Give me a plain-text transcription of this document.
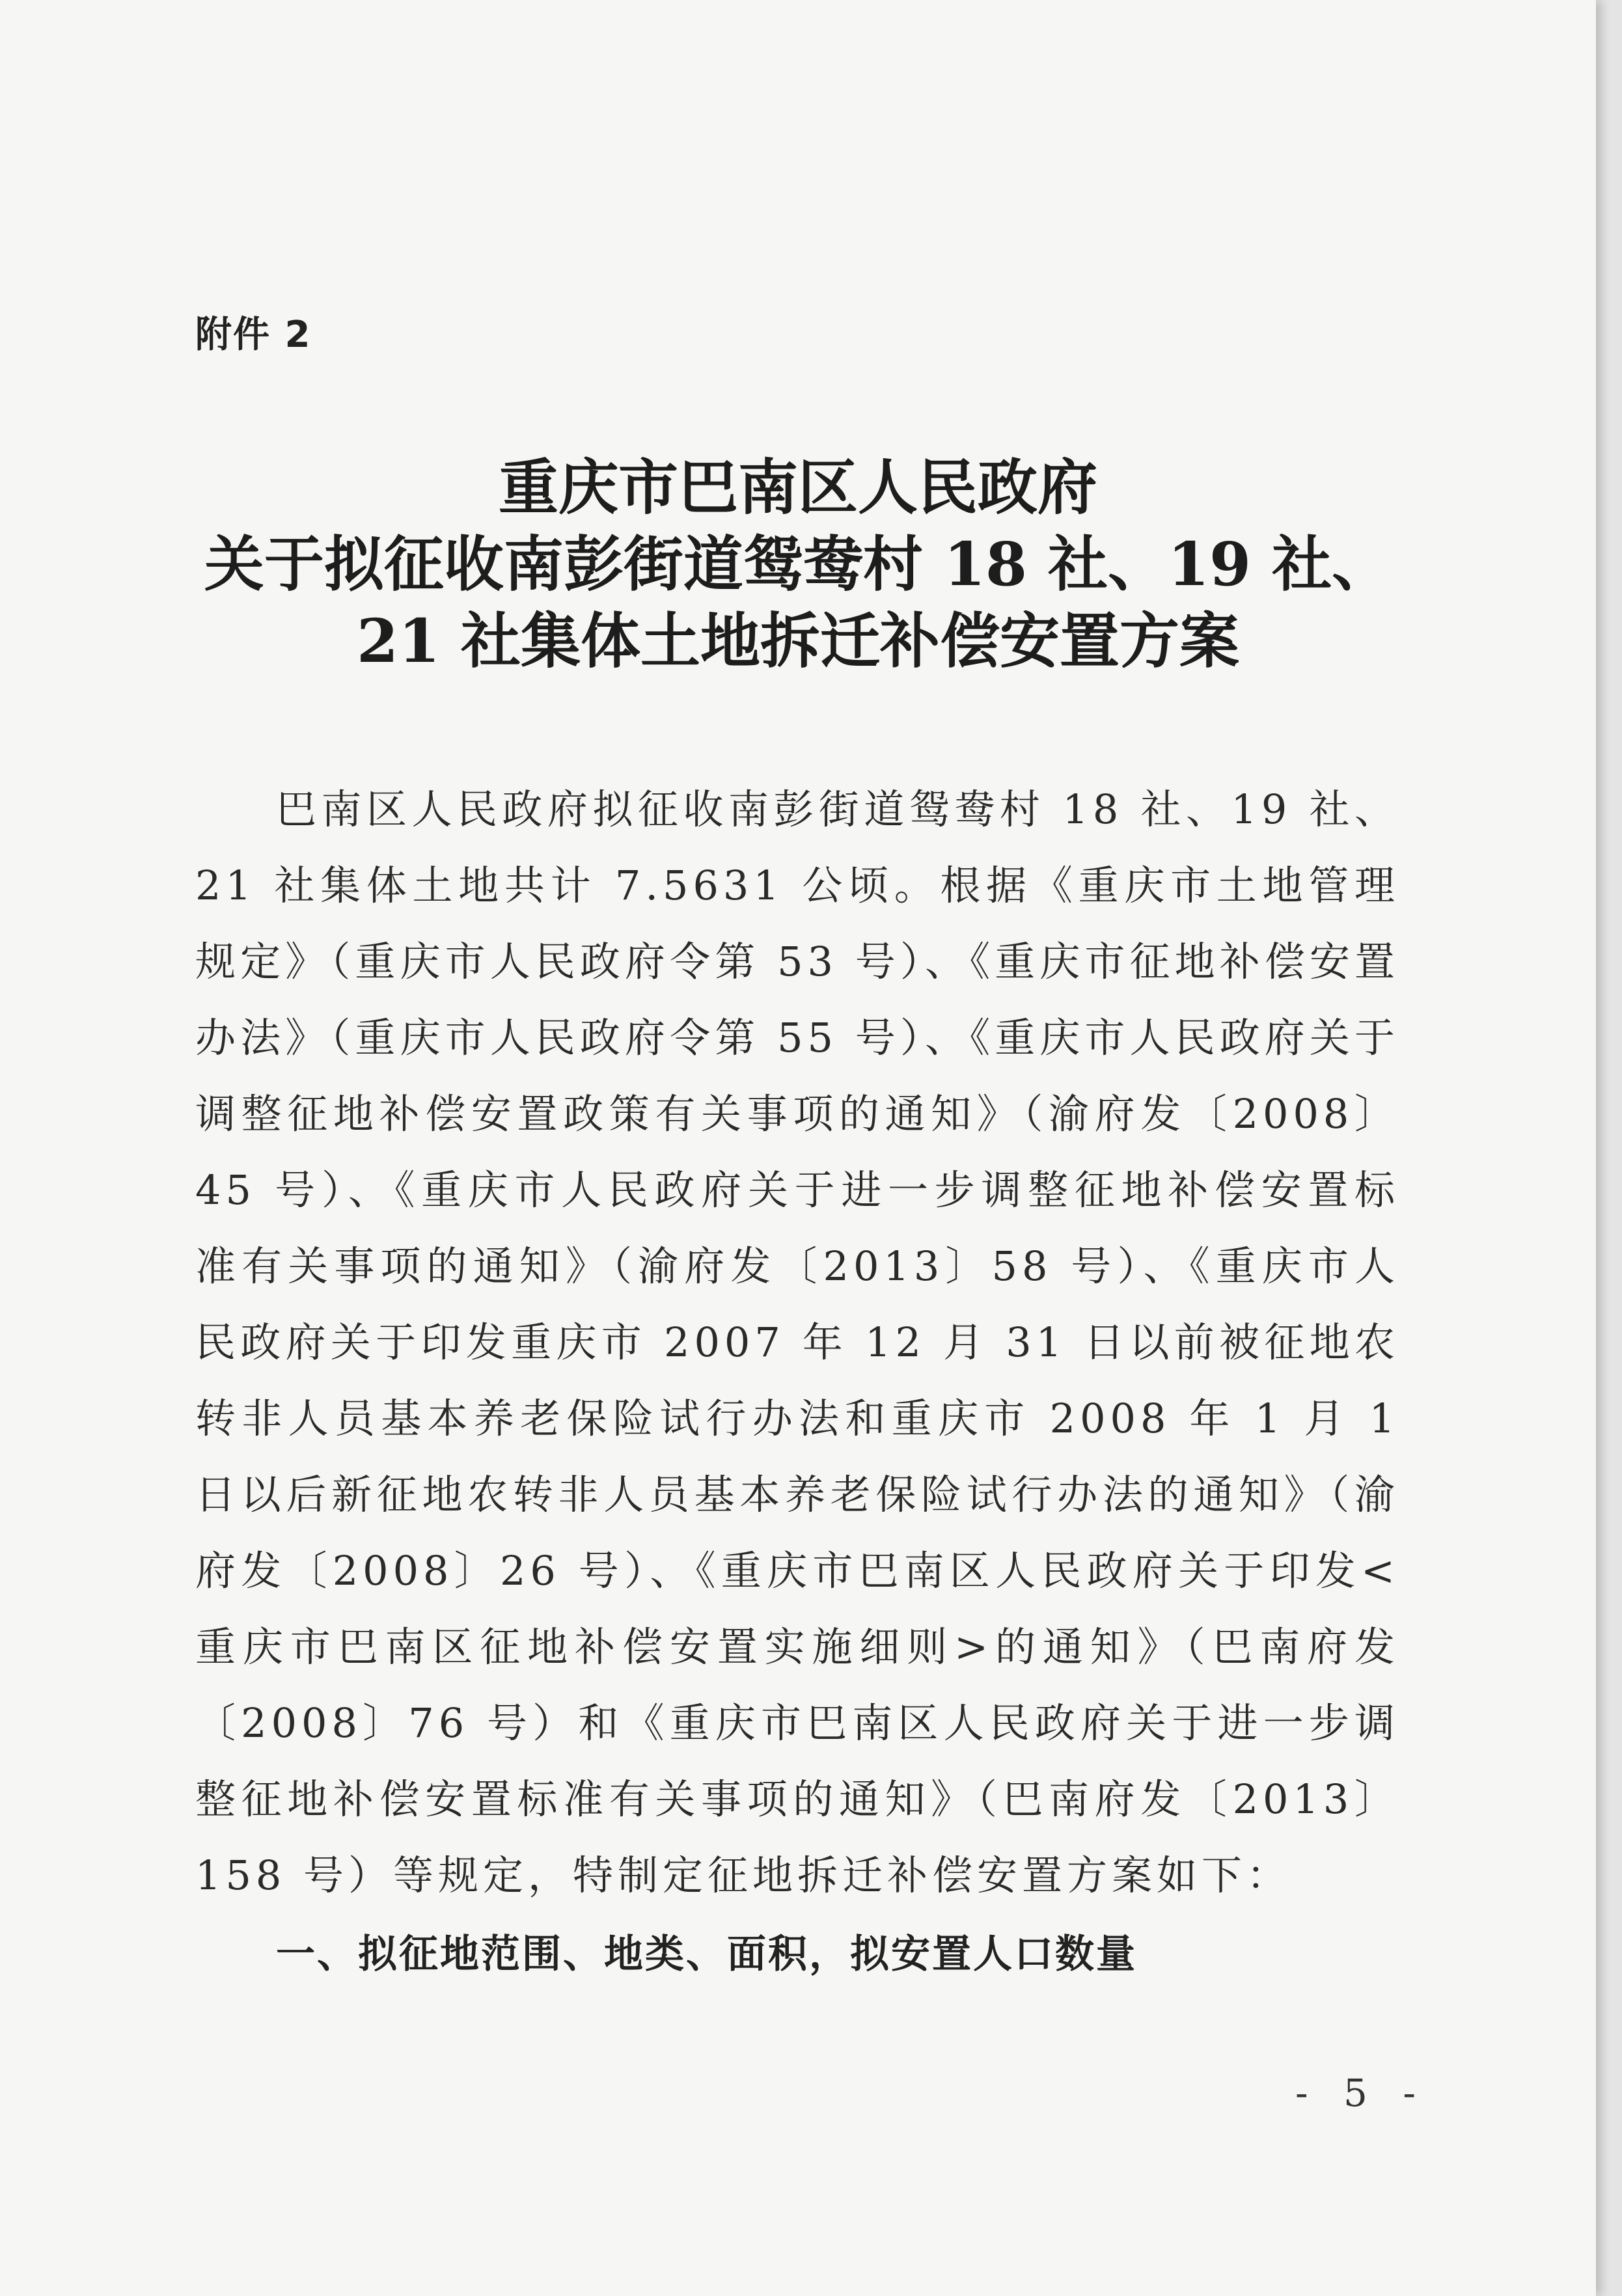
附件 2

重庆市巴南区人民政府
关于拟征收南彭街道鸳鸯村 18 社、19 社、
21 社集体土地拆迁补偿安置方案

巴南区人民政府拟征收南彭街道鸳鸯村 18 社、19 社、21 社集体土地共计 7.5631 公顷。根据《重庆市土地管理规定》（重庆市人民政府令第 53 号）、《重庆市征地补偿安置办法》（重庆市人民政府令第 55 号）、《重庆市人民政府关于调整征地补偿安置政策有关事项的通知》（渝府发〔2008〕45 号）、《重庆市人民政府关于进一步调整征地补偿安置标准有关事项的通知》（渝府发〔2013〕58 号）、《重庆市人民政府关于印发重庆市 2007 年 12 月 31 日以前被征地农转非人员基本养老保险试行办法和重庆市 2008 年 1 月 1 日以后新征地农转非人员基本养老保险试行办法的通知》（渝府发〔2008〕26 号）、《重庆市巴南区人民政府关于印发<重庆市巴南区征地补偿安置实施细则>的通知》（巴南府发〔2008〕76 号）和《重庆市巴南区人民政府关于进一步调整征地补偿安置标准有关事项的通知》（巴南府发〔2013〕158 号）等规定，特制定征地拆迁补偿安置方案如下：

一、拟征地范围、地类、面积，拟安置人口数量

- 5 -
